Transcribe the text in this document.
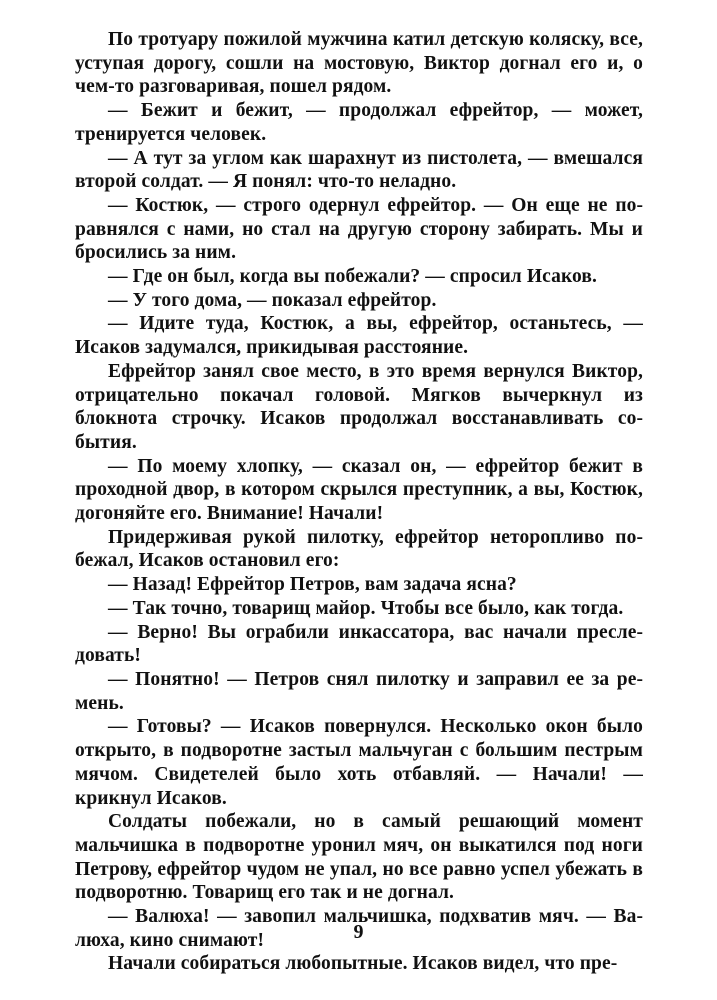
По тротуару пожилой мужчина катил детскую коляску, все, уступая дорогу, сошли на мостовую, Виктор догнал его и, о чем-то разговаривая, пошел рядом.

— Бежит и бежит, — продолжал ефрейтор, — может, тренируется человек.

— А тут за углом как шарахнут из пистолета, — вмешался второй солдат. — Я понял: что-то неладно.

— Костюк, — строго одернул ефрейтор. — Он еще не поравнялся с нами, но стал на другую сторону забирать. Мы и бросились за ним.

— Где он был, когда вы побежали? — спросил Исаков.

— У того дома, — показал ефрейтор.

— Идите туда, Костюк, а вы, ефрейтор, останьтесь, — Исаков задумался, прикидывая расстояние.

Ефрейтор занял свое место, в это время вернулся Виктор, отрицательно покачал головой. Мягков вычеркнул из блокнота строчку. Исаков продолжал восстанавливать события.

— По моему хлопку, — сказал он, — ефрейтор бежит в проходной двор, в котором скрылся преступник, а вы, Костюк, догоняйте его. Внимание! Начали!

Придерживая рукой пилотку, ефрейтор неторопливо побежал, Исаков остановил его:

— Назад! Ефрейтор Петров, вам задача ясна?

— Так точно, товарищ майор. Чтобы все было, как тогда.

— Верно! Вы ограбили инкассатора, вас начали преследовать!

— Понятно! — Петров снял пилотку и заправил ее за ремень.

— Готовы? — Исаков повернулся. Несколько окон было открыто, в подворотне застыл мальчуган с большим пестрым мячом. Свидетелей было хоть отбавляй. — Начали! — крикнул Исаков.

Солдаты побежали, но в самый решающий момент мальчишка в подворотне уронил мяч, он выкатился под ноги Петрову, ефрейтор чудом не упал, но все равно успел убежать в подворотню. Товарищ его так и не догнал.

— Валюха! — завопил мальчишка, подхватив мяч. — Валюха, кино снимают!

Начали собираться любопытные. Исаков видел, что пре-

9
